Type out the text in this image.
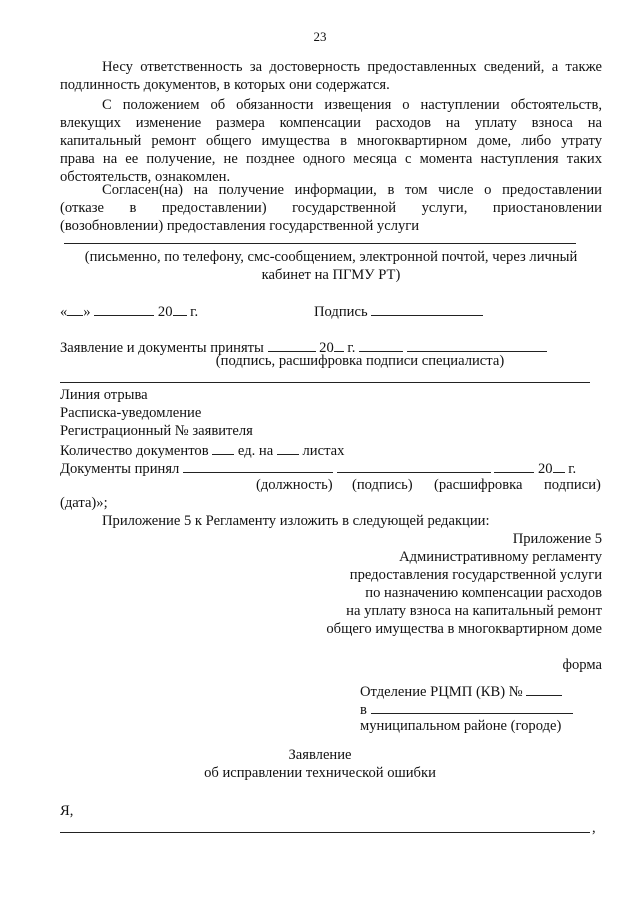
23
Несу ответственность за достоверность предоставленных сведений, а также
подлинность документов, в которых они содержатся.
С положением об обязанности извещения о наступлении обстоятельств,
влекущих изменение размера компенсации расходов на уплату взноса на
капитальный ремонт общего имущества в многоквартирном доме, либо утрату
права на ее получение, не позднее одного месяца с момента наступления таких
обстоятельств, ознакомлен.
Согласен(на) на получение информации, в том числе о предоставлении
(отказе в предоставлении) государственной услуги, приостановлении
(возобновлении) предоставления государственной услуги
(письменно, по телефону, смс-сообщением, электронной почтой, через личный
кабинет на ПГМУ РТ)
« »	20 г.	Подпись
Заявление и документы приняты	20 г.
(подпись, расшифровка подписи специалиста)
Линия отрыва
Расписка-уведомление
Регистрационный № заявителя
Количество документов ед. на листах
Документы принял	20 г.
(должность) (подпись) (расшифровка подписи)
(дата)»;
Приложение 5 к Регламенту изложить в следующей редакции:
Приложение 5
Административному регламенту
предоставления государственной услуги
по назначению компенсации расходов
на уплату взноса на капитальный ремонт
общего имущества в многоквартирном доме
форма
Отделение РЦМП (КВ) №
в
муниципальном районе (городе)
Заявление
об исправлении технической ошибки
Я,
,
